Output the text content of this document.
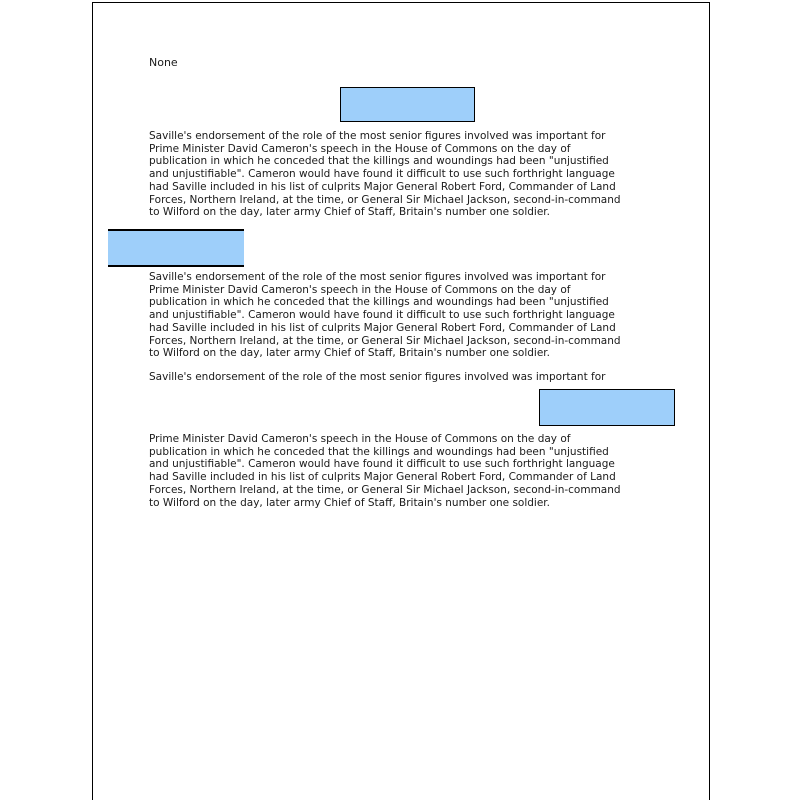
None
Saville's endorsement of the role of the most senior figures involved was important for
Prime Minister David Cameron's speech in the House of Commons on the day of
publication in which he conceded that the killings and woundings had been "unjustified
and unjustifiable". Cameron would have found it difficult to use such forthright language
had Saville included in his list of culprits Major General Robert Ford, Commander of Land
Forces, Northern Ireland, at the time, or General Sir Michael Jackson, second-in-command
to Wilford on the day, later army Chief of Staff, Britain's number one soldier.
Saville's endorsement of the role of the most senior figures involved was important for
Prime Minister David Cameron's speech in the House of Commons on the day of
publication in which he conceded that the killings and woundings had been "unjustified
and unjustifiable". Cameron would have found it difficult to use such forthright language
had Saville included in his list of culprits Major General Robert Ford, Commander of Land
Forces, Northern Ireland, at the time, or General Sir Michael Jackson, second-in-command
to Wilford on the day, later army Chief of Staff, Britain's number one soldier.
Saville's endorsement of the role of the most senior figures involved was important for
Prime Minister David Cameron's speech in the House of Commons on the day of
publication in which he conceded that the killings and woundings had been "unjustified
and unjustifiable". Cameron would have found it difficult to use such forthright language
had Saville included in his list of culprits Major General Robert Ford, Commander of Land
Forces, Northern Ireland, at the time, or General Sir Michael Jackson, second-in-command
to Wilford on the day, later army Chief of Staff, Britain's number one soldier.
